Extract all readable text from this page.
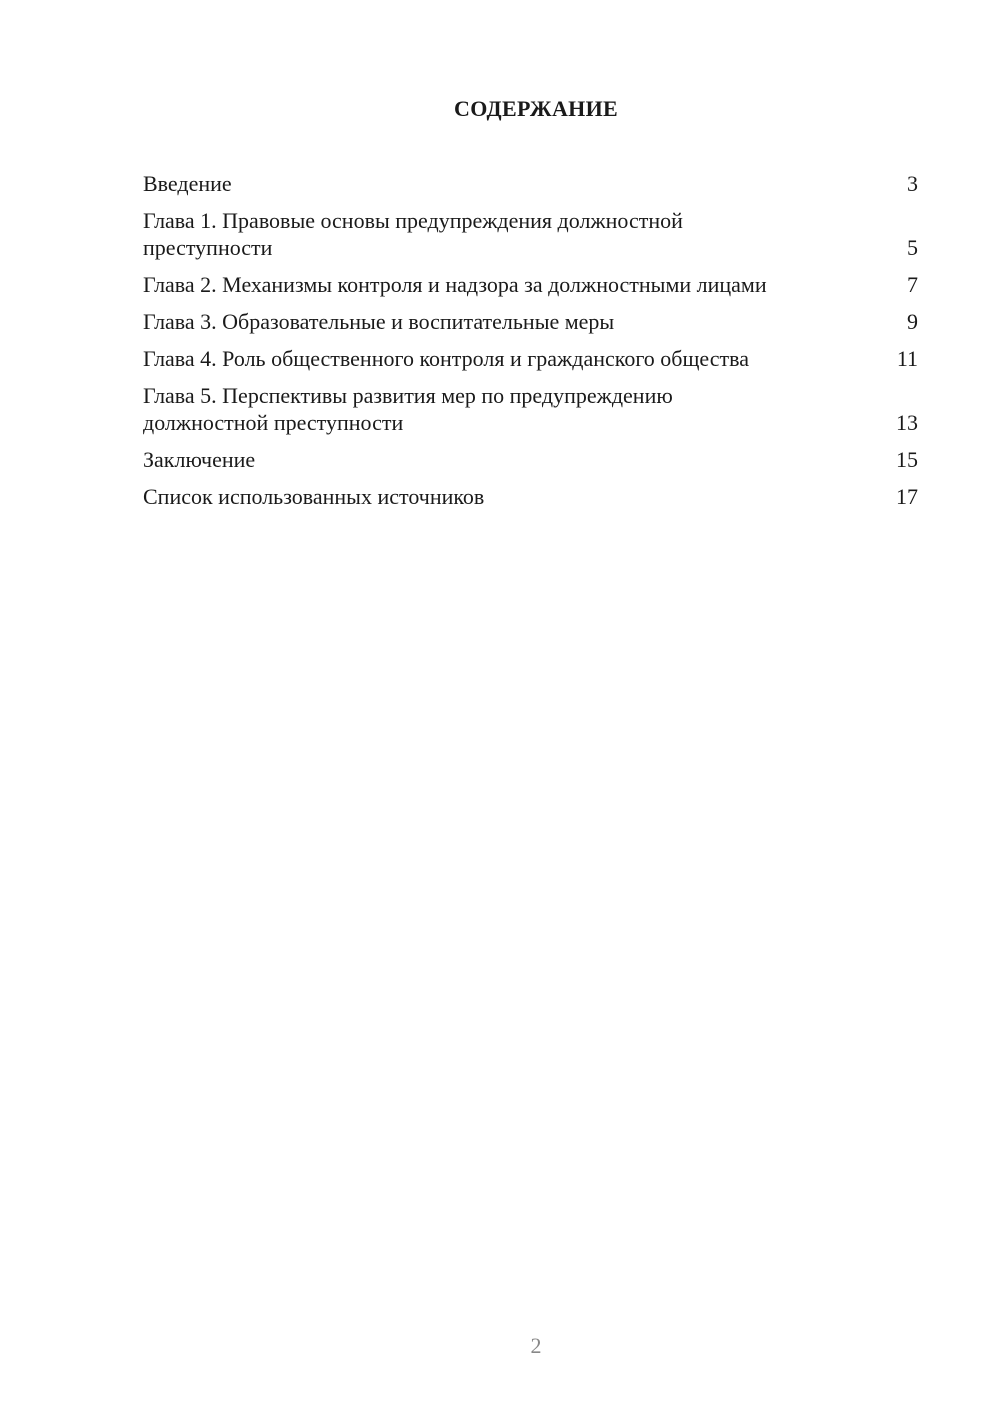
СОДЕРЖАНИЕ
Введение	3
Глава 1. Правовые основы предупреждения должностной преступности	5
Глава 2. Механизмы контроля и надзора за должностными лицами	7
Глава 3. Образовательные и воспитательные меры	9
Глава 4. Роль общественного контроля и гражданского общества	11
Глава 5. Перспективы развития мер по предупреждению должностной преступности	13
Заключение	15
Список использованных источников	17
2
